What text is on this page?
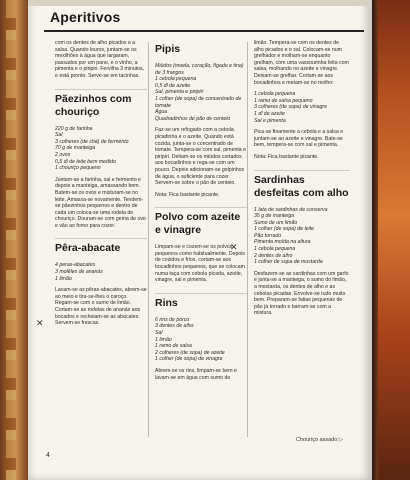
Aperitivos

com os dentes de alho picados e a salsa. Quando louros, juntam-se os mexilhões à água que largaram, passados por um pano, e o vinho, a pimenta e o piripiri. Fervilha 3 minutos, e está pronto. Serve-se em tacinhas.

Pãezinhos com chouriço
220 g de farinha
Sal
3 colheres (de chá) de fermento
70 g de manteiga
2 ovos
0,5 dl de leite bem medido
1 chouriço pequeno

Juntam-se a farinha, sal e fermento e depois a manteiga, amassando bem. Batem-se os ovos e misturam-se no leite. Amassa-se novamente. Tendem-se pãezinhos pequenos e dentro de cada um coloca-se uma rodela de chouriço. Douram-se com gema de ovo e vão ao forno para cozer.

Pêra-abacate
4 peras-abacates
3 molêles de ananás
1 limão

Lavam-se as pêras-abacates, abrem-se ao meio e tira-se-lhes o caroço. Regam-se com o sumo de limão. Cortam-se as rodelas de ananás aos bocados e recheiam-se as abacates. Servem-se frescas.

Pipis
Miúdos (moela, coração, fígado e tina) de 3 frangos
1 cebola pequena
0,5 dl de azeite
Sal, pimenta e piripiri
1 colher (de sopa) de concentrado de tomate
Água
Quadradinhos de pão de centeio

Faz-se um refogado com a cebola picadinha e o azeite. Quando está cozida, junta-se o concentrado de tomate. Tempera-se com sal, pimenta e piripiri. Deitam-se os miúdos cortados aos bocadinhos e rega-se com um pouco. Depois adicionam-se golpinhos de água, o suficiente para cozer. Servem-se sobre o pão de centeio.

Nota: Fica bastante picante.

Polvo com azeite e vinagre

Limpam-se e cozem-se os polvos pequenos como habitualmente. Depois de cozidos e frios, cortam-se aos bocadinhos pequenos, que se colocam numa taça com cebola picada, azeite, vinagre, sal e pimenta.

Rins
6 rins de porco
3 dentes de alho
Sal
1 limão
1 ramo de salsa
2 colheres (de sopa) de azeite
1 colher (de sopa) de vinagre

Abrem-se os rins, limpam-se bem e lavam-se em água com sumo de

limão. Tempera-se com os dentes de alho picados e o sal. Colocam-se num grelhador e molham-se enquanto grelham, com uma vassourinha feita com salsa, molhando no azeite e vinagre. Deixam-se grelhar. Cortam-se aos bocadinhos e metam-se no molho:

1 cebola pequena
1 ramo de salsa pequeno
3 colheres (de sopa) de vinagre
1 dl de azeite
Sal e pimenta

Pica-se finamente a cebola e a salsa e juntam-se ao azeite e vinagre. Bate-se bem, tempera-se com sal e pimenta.

Nota: Fica bastante picante.

Sardinhas desfeitas com alho
1 lata de sardinhas de conserva
35 g de manteiga
Sumo de um limão
1 colher (de sopa) de leite
Pão torrado
Pimenta moída na altura
1 cebola pequena
2 dentes de alho
1 colher de sopa de mostarda

Desfazem-se as sardinhas com um garfo e junta-se a manteiga, o sumo do limão, a mostarda, os dentes de alho e as cebolas picadas. Envolve-se tudo muito bem. Preparam-se fatias pequenas de pão já torrado e barram-se com a mistura.

✕
✕
Chouriço assado ▷
4
